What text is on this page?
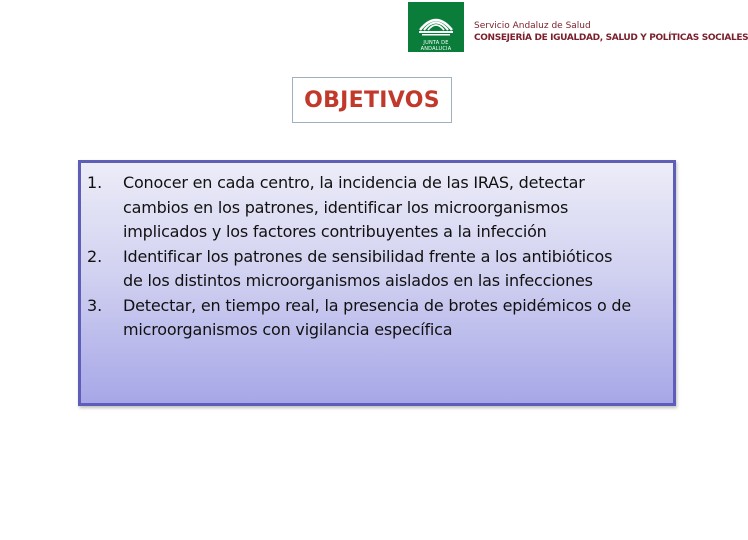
JUNTA DE ANDALUCIA
Servicio Andaluz de Salud
CONSEJERÍA DE IGUALDAD, SALUD Y POLÍTICAS SOCIALES
OBJETIVOS
1. Conocer en cada centro, la incidencia de las IRAS, detectar
cambios en los patrones, identificar los microorganismos
implicados y los factores contribuyentes a la infección
2. Identificar los patrones de sensibilidad frente a los antibióticos
de los distintos microorganismos aislados en las infecciones
3. Detectar, en tiempo real, la presencia de brotes epidémicos o de
microorganismos con vigilancia específica
